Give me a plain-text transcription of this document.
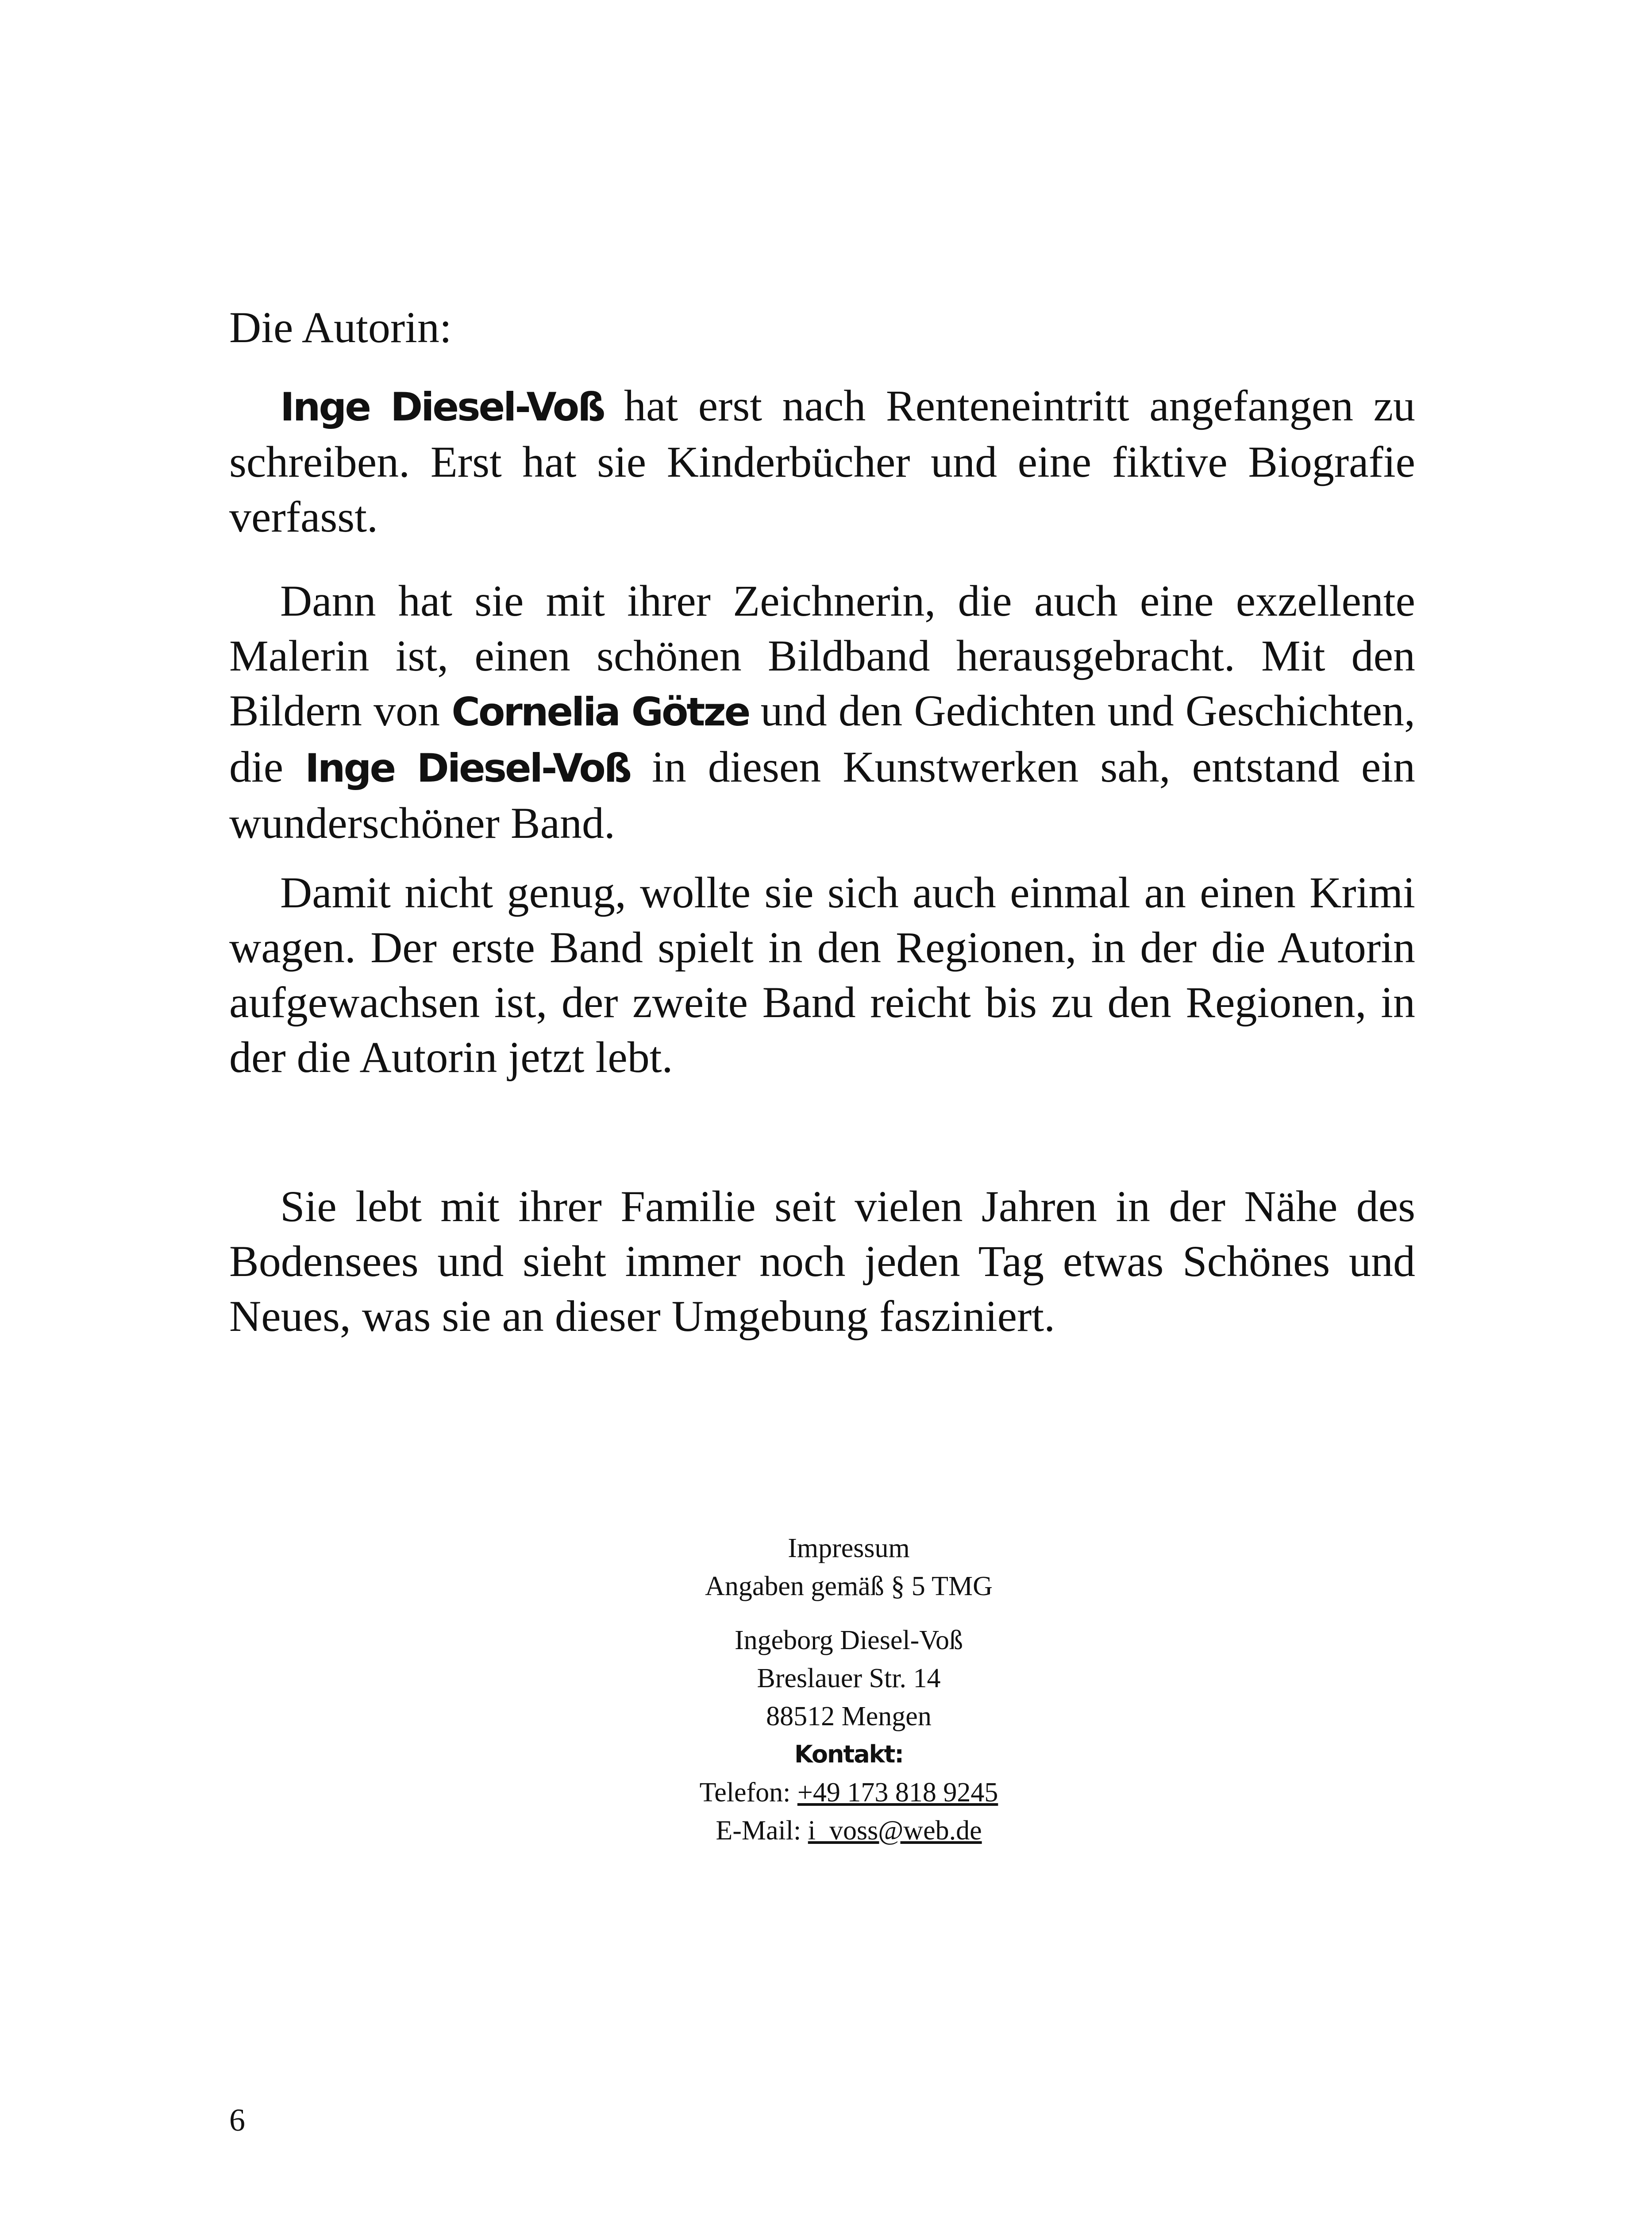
Die Autorin:

Inge Diesel-Voß hat erst nach Renteneintritt angefangen zu schreiben. Erst hat sie Kinderbücher und eine fiktive Biografie verfasst.

Dann hat sie mit ihrer Zeichnerin, die auch eine exzellente Malerin ist, einen schönen Bildband herausgebracht. Mit den Bildern von Cornelia Götze und den Gedichten und Geschichten, die Inge Diesel-Voß in diesen Kunstwerken sah, entstand ein wunderschöner Band.

Damit nicht genug, wollte sie sich auch einmal an einen Krimi wagen. Der erste Band spielt in den Regionen, in der die Autorin aufgewachsen ist, der zweite Band reicht bis zu den Regionen, in der die Autorin jetzt lebt.

Sie lebt mit ihrer Familie seit vielen Jahren in der Nähe des Bodensees und sieht immer noch jeden Tag etwas Schönes und Neues, was sie an dieser Umgebung fasziniert.

Impressum
Angaben gemäß § 5 TMG
Ingeborg Diesel-Voß
Breslauer Str. 14
88512 Mengen
Kontakt:
Telefon: +49 173 818 9245
E-Mail: i_voss@web.de
6
